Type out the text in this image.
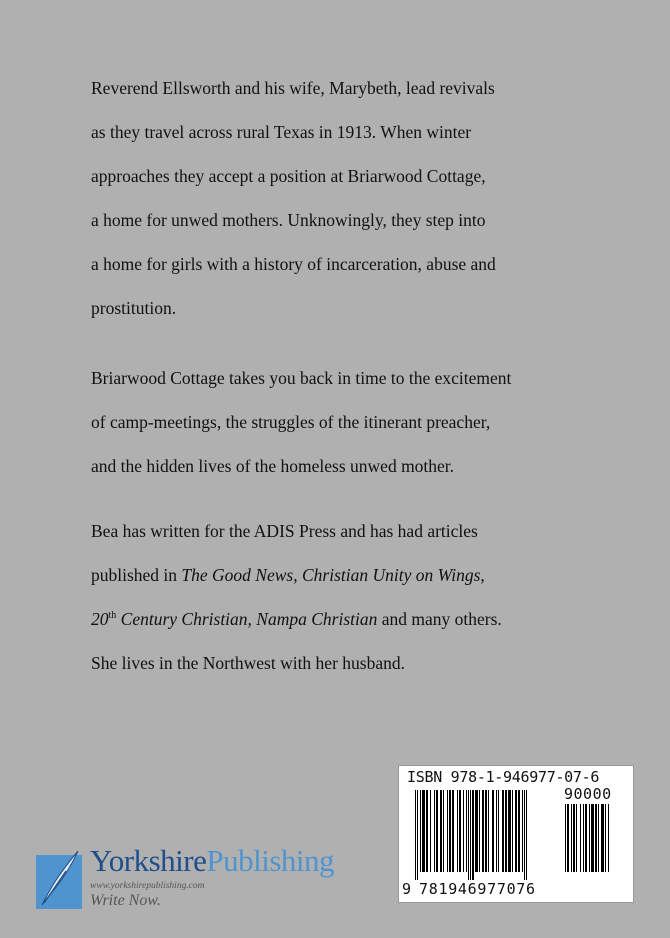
Reverend Ellsworth and his wife, Marybeth, lead revivals
as they travel across rural Texas in 1913. When winter
approaches they accept a position at Briarwood Cottage,
a home for unwed mothers. Unknowingly, they step into
a home for girls with a history of incarceration, abuse and
prostitution.
Briarwood Cottage takes you back in time to the excitement
of camp-meetings, the struggles of the itinerant preacher,
and the hidden lives of the homeless unwed mother.
Bea has written for the ADIS Press and has had articles
published in The Good News, Christian Unity on Wings,
20th Century Christian, Nampa Christian and many others.
She lives in the Northwest with her husband.
YorkshirePublishing
www.yorkshirepublishing.com
Write Now.
ISBN 978-1-946977-07-6
90000
9 781946977076
